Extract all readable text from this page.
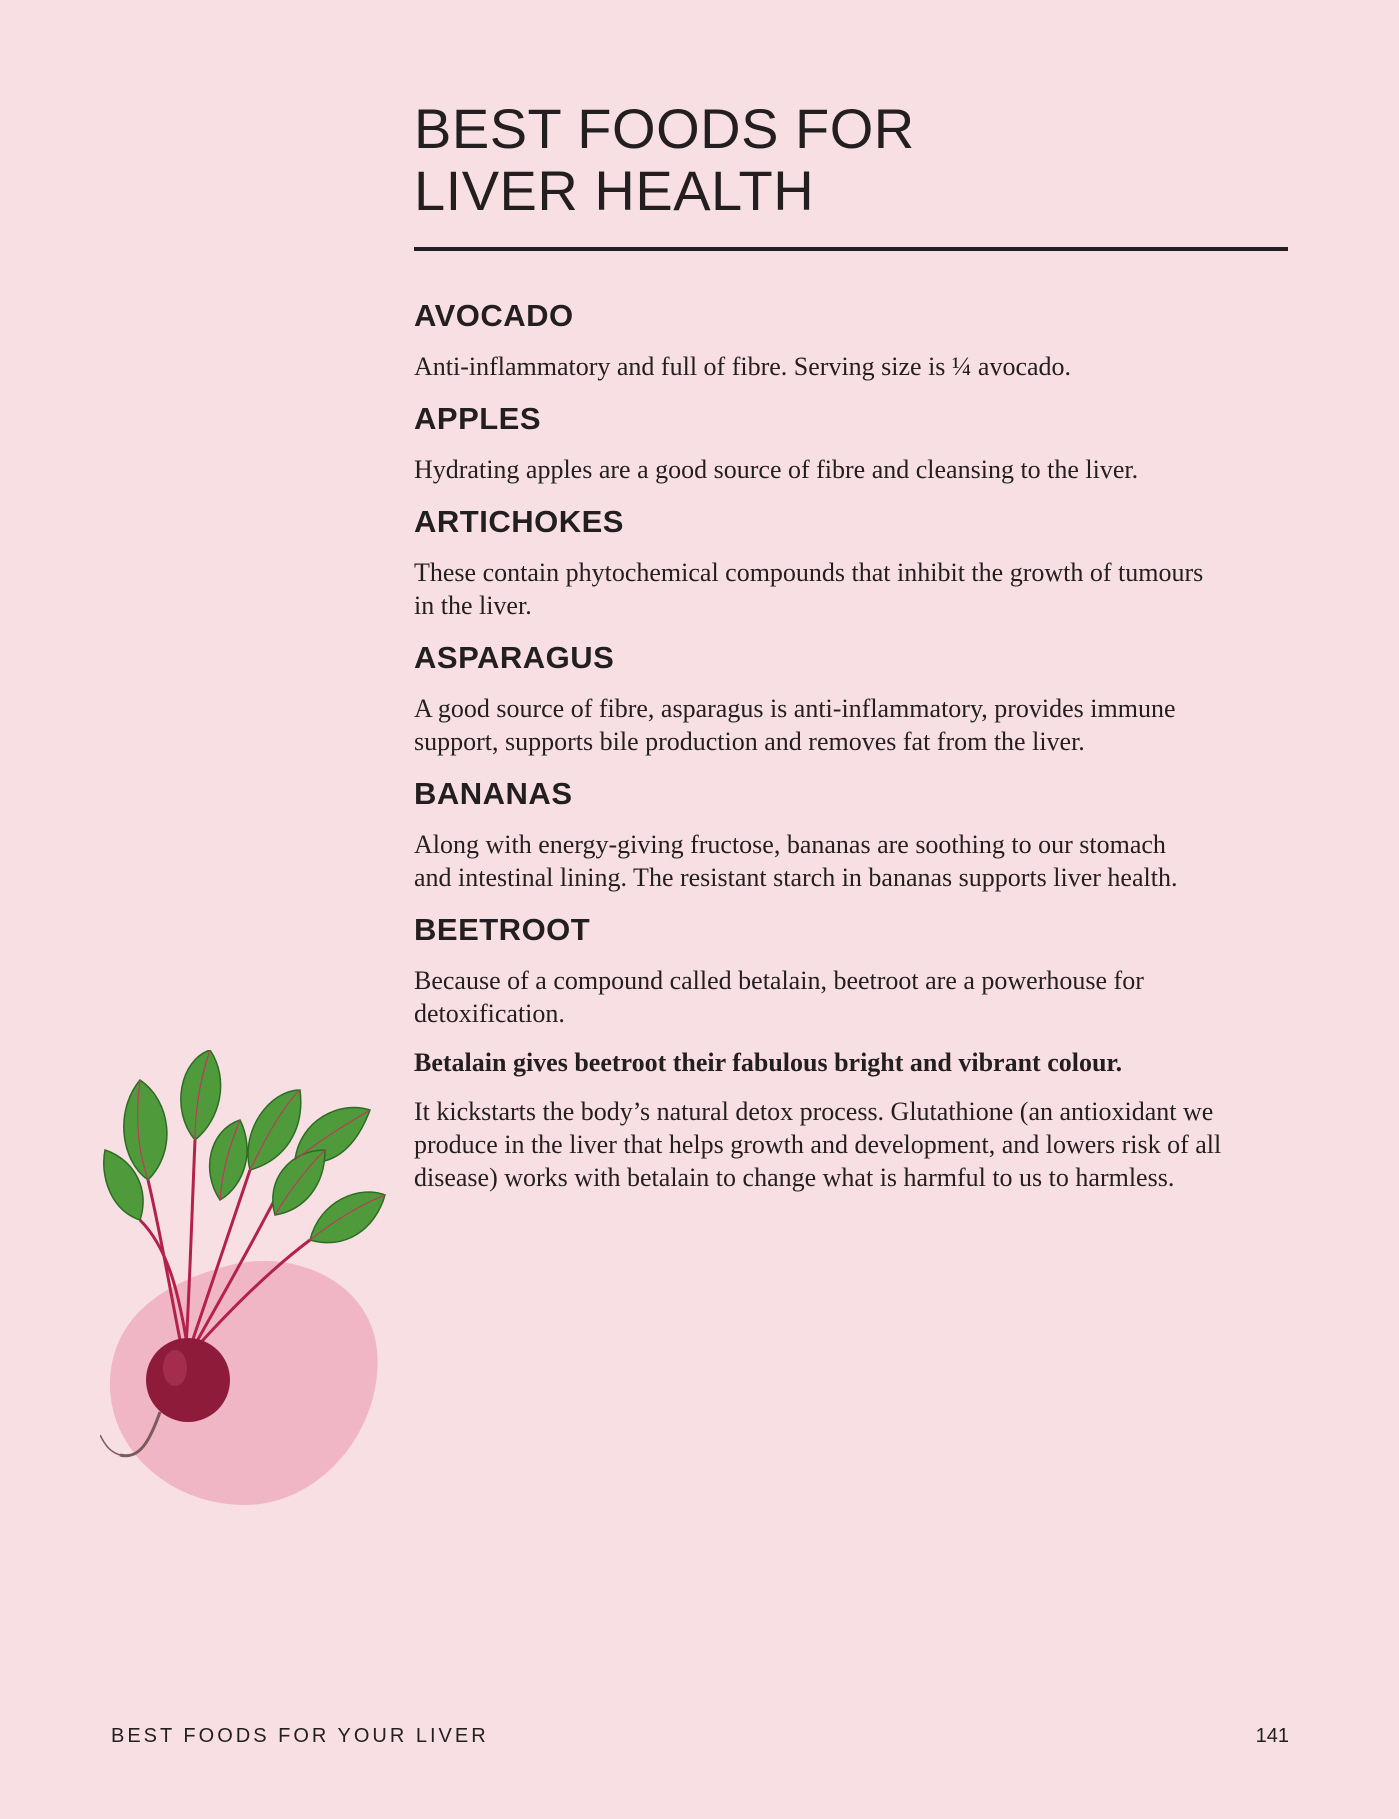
BEST FOODS FOR
LIVER HEALTH
AVOCADO

Anti-inflammatory and full of fibre. Serving size is ¼ avocado.

APPLES

Hydrating apples are a good source of fibre and cleansing to the liver.

ARTICHOKES

These contain phytochemical compounds that inhibit the growth of tumours in the liver.

ASPARAGUS

A good source of fibre, asparagus is anti-inflammatory, provides immune support, supports bile production and removes fat from the liver.

BANANAS

Along with energy-giving fructose, bananas are soothing to our stomach and intestinal lining. The resistant starch in bananas supports liver health.

BEETROOT

Because of a compound called betalain, beetroot are a powerhouse for detoxification.

Betalain gives beetroot their fabulous bright and vibrant colour.

It kickstarts the body’s natural detox process. Glutathione (an antioxidant we produce in the liver that helps growth and development, and lowers risk of all disease) works with betalain to change what is harmful to us to harmless.

BEST FOODS FOR YOUR LIVER	141
